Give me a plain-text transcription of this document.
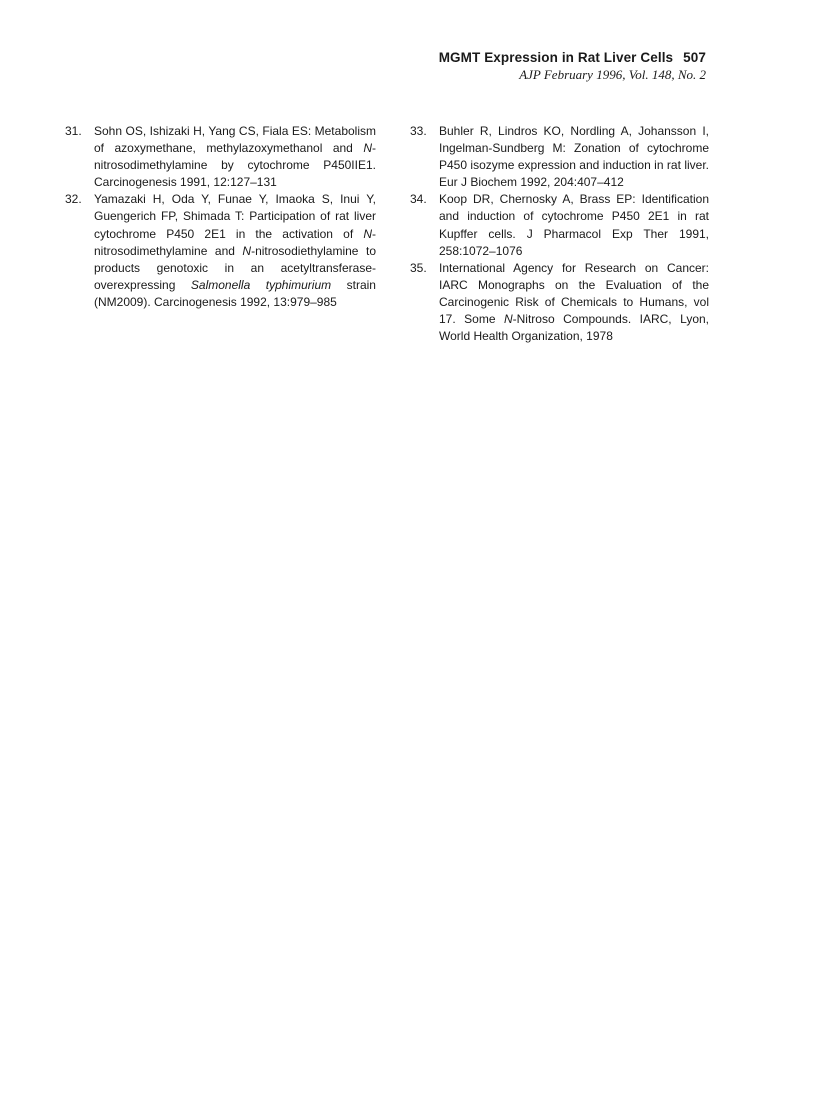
MGMT Expression in Rat Liver Cells 507
AJP February 1996, Vol. 148, No. 2
31.	Sohn OS, Ishizaki H, Yang CS, Fiala ES: Metabolism of azoxymethane, methylazoxymethanol and N-nitrosodimethylamine by cytochrome P450IIE1. Carcinogenesis 1991, 12:127–131
32.	Yamazaki H, Oda Y, Funae Y, Imaoka S, Inui Y, Guengerich FP, Shimada T: Participation of rat liver cytochrome P450 2E1 in the activation of N-nitrosodimethylamine and N-nitrosodiethylamine to products genotoxic in an acetyltransferase-overexpressing Salmonella typhimurium strain (NM2009). Carcinogenesis 1992, 13:979–985
33.	Buhler R, Lindros KO, Nordling A, Johansson I, Ingelman-Sundberg M: Zonation of cytochrome P450 isozyme expression and induction in rat liver. Eur J Biochem 1992, 204:407–412
34.	Koop DR, Chernosky A, Brass EP: Identification and induction of cytochrome P450 2E1 in rat Kupffer cells. J Pharmacol Exp Ther 1991, 258:1072–1076
35.	International Agency for Research on Cancer: IARC Monographs on the Evaluation of the Carcinogenic Risk of Chemicals to Humans, vol 17. Some N-Nitroso Compounds. IARC, Lyon, World Health Organization, 1978
